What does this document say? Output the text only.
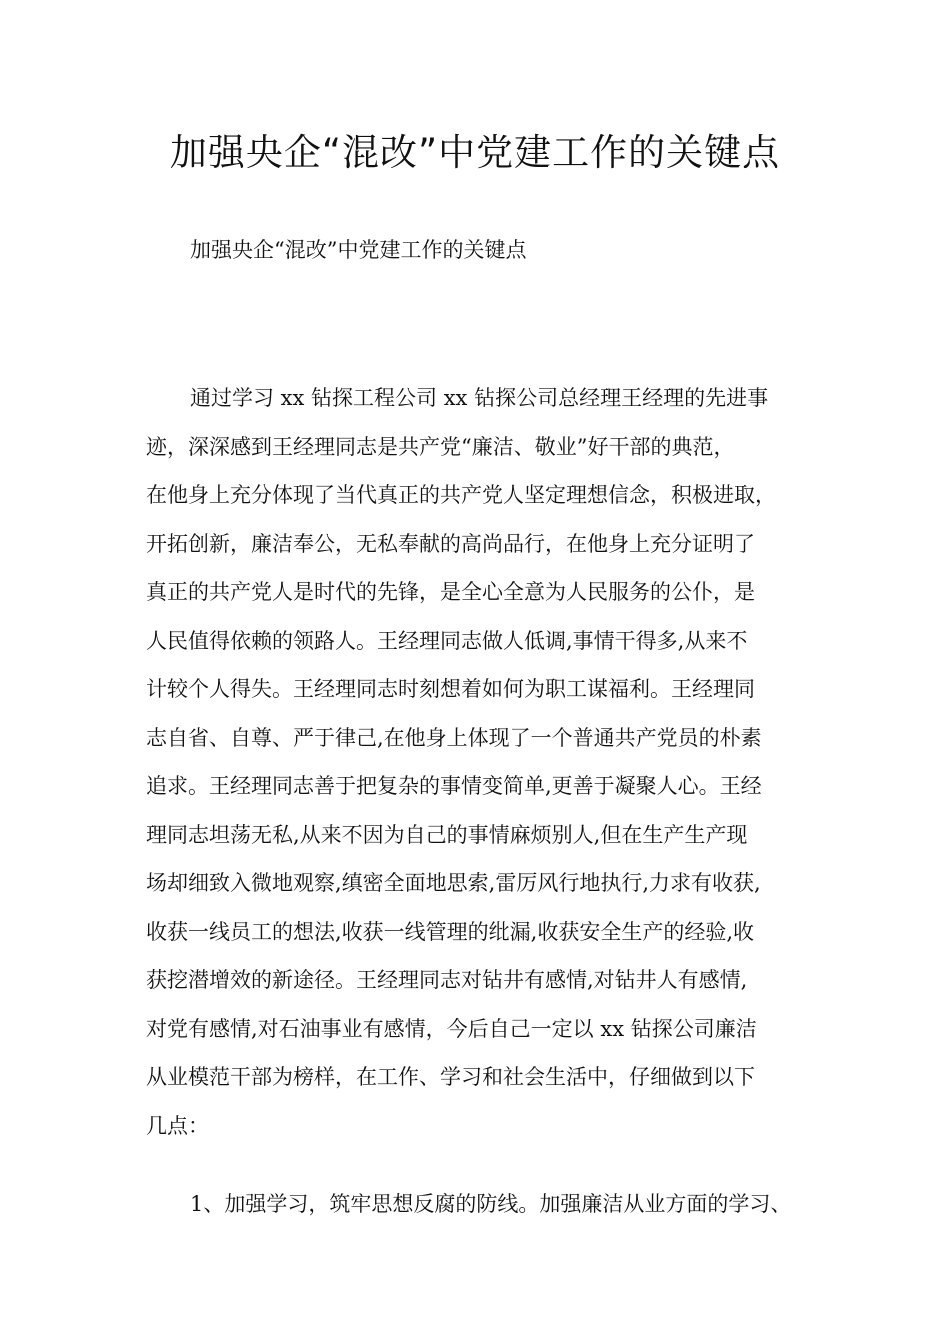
加强央企“混改”中党建工作的关键点
加强央企“混改”中党建工作的关键点
通过学习 xx 钻探工程公司 xx 钻探公司总经理王经理的先进事
迹，深深感到王经理同志是共产党“廉洁、敬业”好干部的典范，
在他身上充分体现了当代真正的共产党人坚定理想信念，积极进取，
开拓创新，廉洁奉公，无私奉献的高尚品行，在他身上充分证明了
真正的共产党人是时代的先锋，是全心全意为人民服务的公仆，是
人民值得依赖的领路人。王经理同志做人低调,事情干得多,从来不
计较个人得失。王经理同志时刻想着如何为职工谋福利。王经理同
志自省、自尊、严于律己,在他身上体现了一个普通共产党员的朴素
追求。王经理同志善于把复杂的事情变简单,更善于凝聚人心。王经
理同志坦荡无私,从来不因为自己的事情麻烦别人,但在生产生产现
场却细致入微地观察,缜密全面地思索,雷厉风行地执行,力求有收获,
收获一线员工的想法,收获一线管理的纰漏,收获安全生产的经验,收
获挖潜增效的新途径。王经理同志对钻井有感情,对钻井人有感情,
对党有感情,对石油事业有感情，今后自己一定以 xx 钻探公司廉洁
从业模范干部为榜样，在工作、学习和社会生活中，仔细做到以下
几点：
1、加强学习，筑牢思想反腐的防线。加强廉洁从业方面的学习、
